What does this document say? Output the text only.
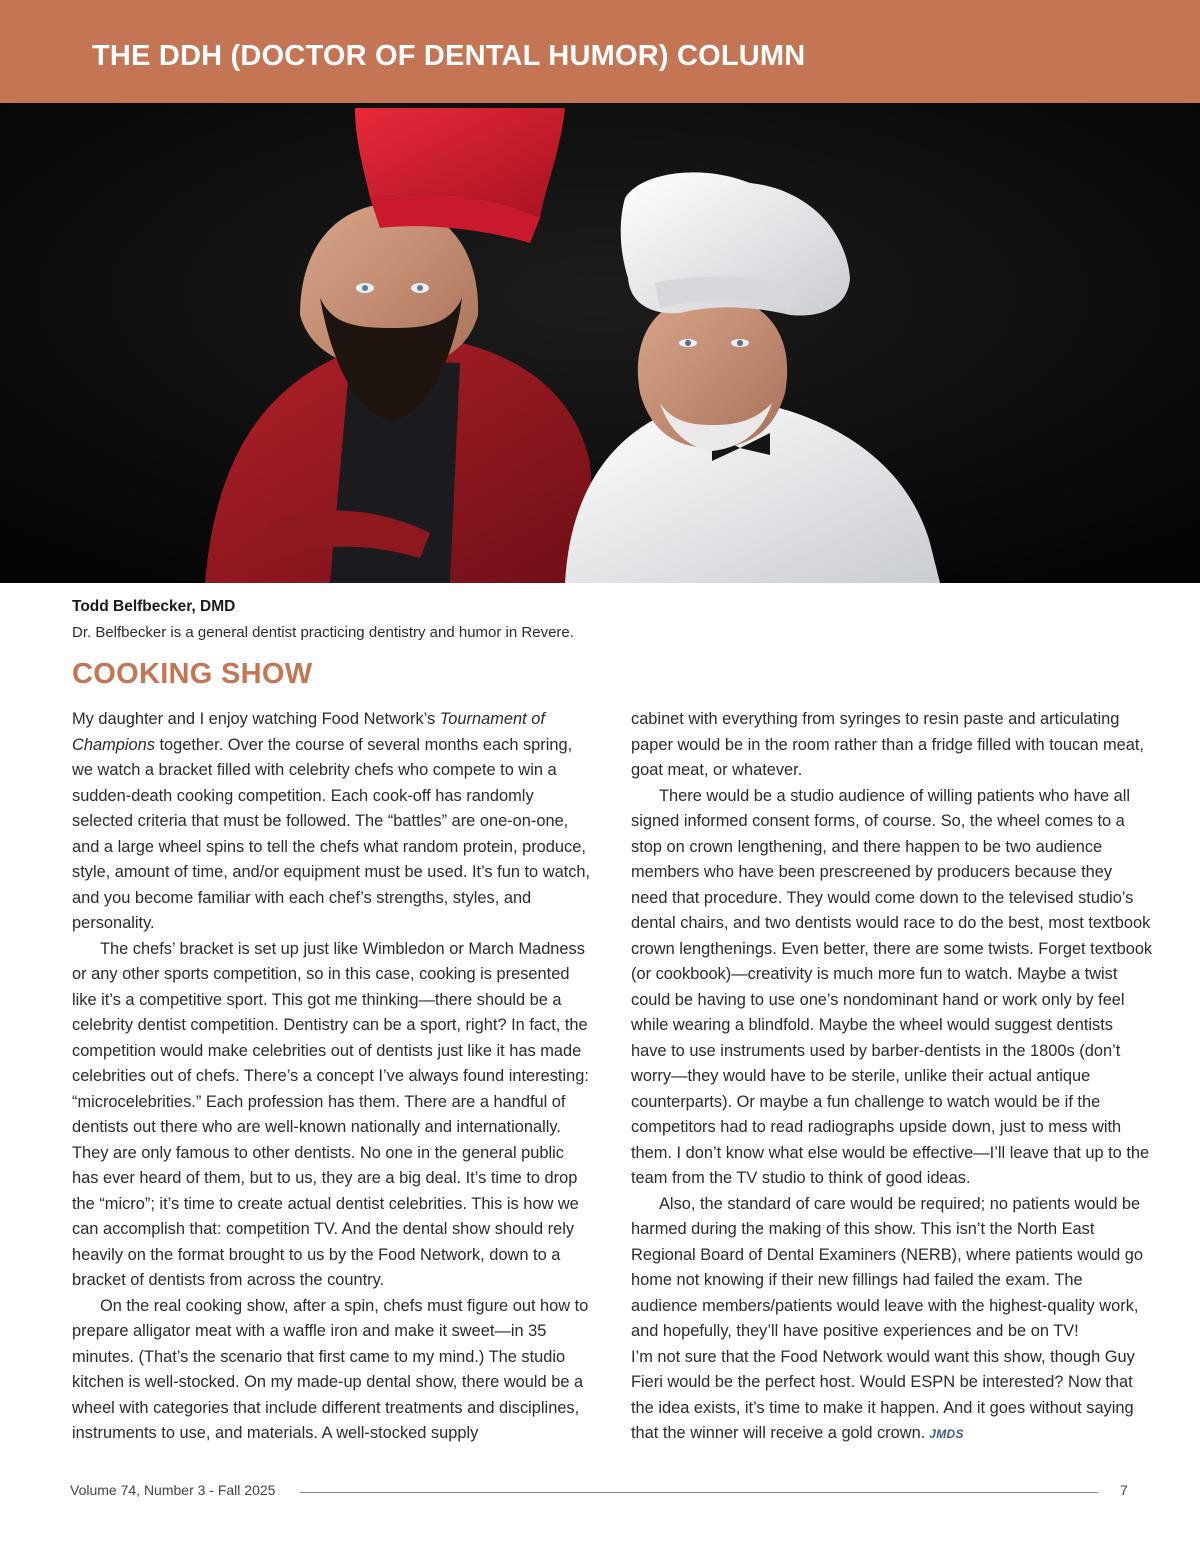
THE DDH (DOCTOR OF DENTAL HUMOR) COLUMN

Todd Belfbecker, DMD

Dr. Belfbecker is a general dentist practicing dentistry and humor in Revere.

COOKING SHOW

My daughter and I enjoy watching Food Network’s Tournament of Champions together. Over the course of several months each spring, we watch a bracket filled with celebrity chefs who compete to win a sudden-death cooking competition. Each cook-off has randomly selected criteria that must be followed. The “battles” are one-on-one, and a large wheel spins to tell the chefs what random protein, produce, style, amount of time, and/or equipment must be used. It’s fun to watch, and you become familiar with each chef’s strengths, styles, and personality.

The chefs’ bracket is set up just like Wimbledon or March Madness or any other sports competition, so in this case, cooking is presented like it’s a competitive sport. This got me thinking—there should be a celebrity dentist competition. Dentistry can be a sport, right? In fact, the competition would make celebrities out of dentists just like it has made celebrities out of chefs. There’s a concept I’ve always found interesting: “microcelebrities.” Each profession has them. There are a handful of dentists out there who are well-known nationally and internationally. They are only famous to other dentists. No one in the general public has ever heard of them, but to us, they are a big deal. It’s time to drop the “micro”; it’s time to create actual dentist celebrities. This is how we can accomplish that: competition TV. And the dental show should rely heavily on the format brought to us by the Food Network, down to a bracket of dentists from across the country.

On the real cooking show, after a spin, chefs must figure out how to prepare alligator meat with a waffle iron and make it sweet—in 35 minutes. (That’s the scenario that first came to my mind.) The studio kitchen is well-stocked. On my made-up dental show, there would be a wheel with categories that include different treatments and disciplines, instruments to use, and materials. A well-stocked supply

cabinet with everything from syringes to resin paste and articulating paper would be in the room rather than a fridge filled with toucan meat, goat meat, or whatever.

There would be a studio audience of willing patients who have all signed informed consent forms, of course. So, the wheel comes to a stop on crown lengthening, and there happen to be two audience members who have been prescreened by producers because they need that procedure. They would come down to the televised studio’s dental chairs, and two dentists would race to do the best, most textbook crown lengthenings. Even better, there are some twists. Forget textbook (or cookbook)—creativity is much more fun to watch. Maybe a twist could be having to use one’s nondominant hand or work only by feel while wearing a blindfold. Maybe the wheel would suggest dentists have to use instruments used by barber-dentists in the 1800s (don’t worry—they would have to be sterile, unlike their actual antique counterparts). Or maybe a fun challenge to watch would be if the competitors had to read radiographs upside down, just to mess with them. I don’t know what else would be effective—I’ll leave that up to the team from the TV studio to think of good ideas.

Also, the standard of care would be required; no patients would be harmed during the making of this show. This isn’t the North East Regional Board of Dental Examiners (NERB), where patients would go home not knowing if their new fillings had failed the exam. The audience members/patients would leave with the highest-quality work, and hopefully, they’ll have positive experiences and be on TV!

I’m not sure that the Food Network would want this show, though Guy Fieri would be the perfect host. Would ESPN be interested? Now that the idea exists, it’s time to make it happen. And it goes without saying that the winner will receive a gold crown. JMDS

Volume 74, Number 3 - Fall 2025	7
